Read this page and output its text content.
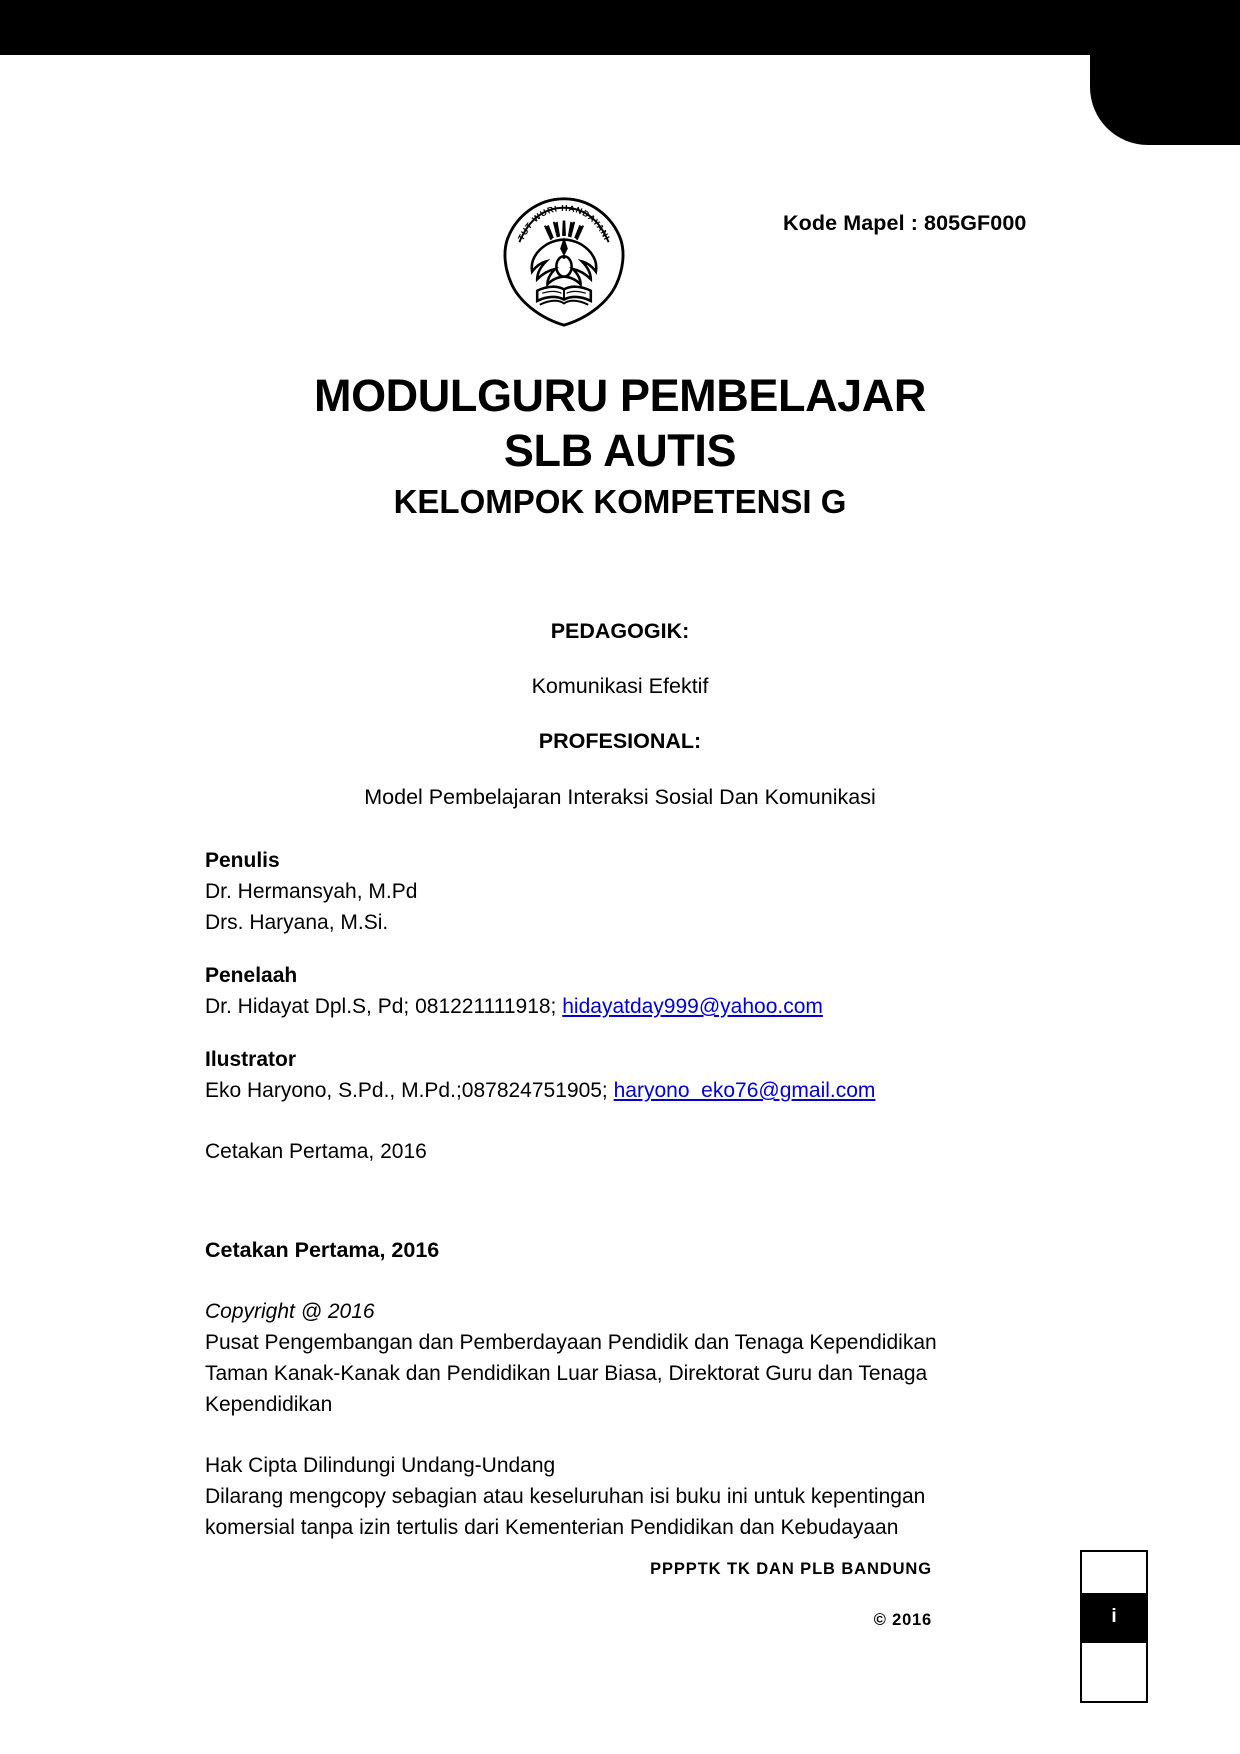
TUT WURI HANDAYANI
Kode Mapel : 805GF000
MODULGURU PEMBELAJAR
SLB AUTIS
KELOMPOK KOMPETENSI G
PEDAGOGIK:
Komunikasi Efektif
PROFESIONAL:
Model Pembelajaran Interaksi Sosial Dan Komunikasi
Penulis
Dr. Hermansyah, M.Pd
Drs. Haryana, M.Si.
Penelaah
Dr. Hidayat Dpl.S, Pd; 081221111918; hidayatday999@yahoo.com
Ilustrator
Eko Haryono, S.Pd., M.Pd.;087824751905; haryono_eko76@gmail.com
Cetakan Pertama, 2016
Cetakan Pertama, 2016
Copyright @ 2016
Pusat Pengembangan dan Pemberdayaan Pendidik dan Tenaga Kependidikan
Taman Kanak-Kanak dan Pendidikan Luar Biasa, Direktorat Guru dan Tenaga
Kependidikan
Hak Cipta Dilindungi Undang-Undang
Dilarang mengcopy sebagian atau keseluruhan isi buku ini untuk kepentingan
komersial tanpa izin tertulis dari Kementerian Pendidikan dan Kebudayaan
PPPPTK TK DAN PLB BANDUNG
© 2016	i
